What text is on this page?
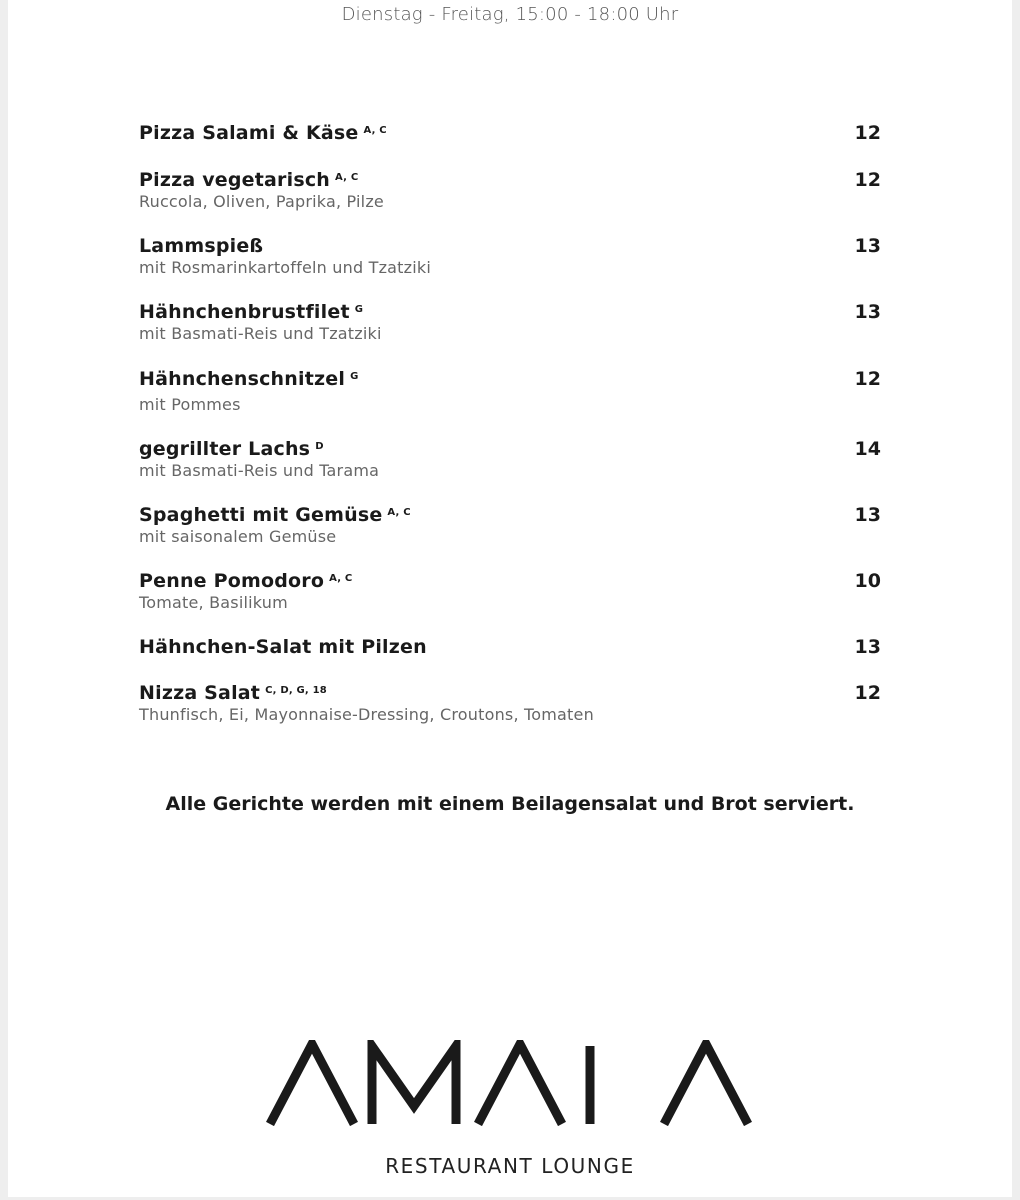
Dienstag - Freitag, 15:00 - 18:00 Uhr
Pizza Salami & Käse $^{A, C}$	12
Pizza vegetarisch $^{A, C}$
Ruccola, Oliven, Paprika, Pilze
12
Lammspieß
mit Rosmarinkartoffeln und Tzatziki
13
Hähnchenbrustfilet $^G$
mit Basmati-Reis und Tzatziki
13
Hähnchenschnitzel $^G$
mit Pommes
12
gegrillter Lachs $^D$
mit Basmati-Reis und Tarama
14
Spaghetti mit Gemüse $^{A, C}$
mit saisonalem Gemüse
13
Penne Pomodoro $^{A, C}$
Tomate, Basilikum
10
Hähnchen-Salat mit Pilzen	13
Nizza Salat $^{C, D, G, 18}$
Thunfisch, Ei, Mayonnaise-Dressing, Croutons, Tomaten
12
Alle Gerichte werden mit einem Beilagensalat und Brot serviert.
RESTAURANT LOUNGE
